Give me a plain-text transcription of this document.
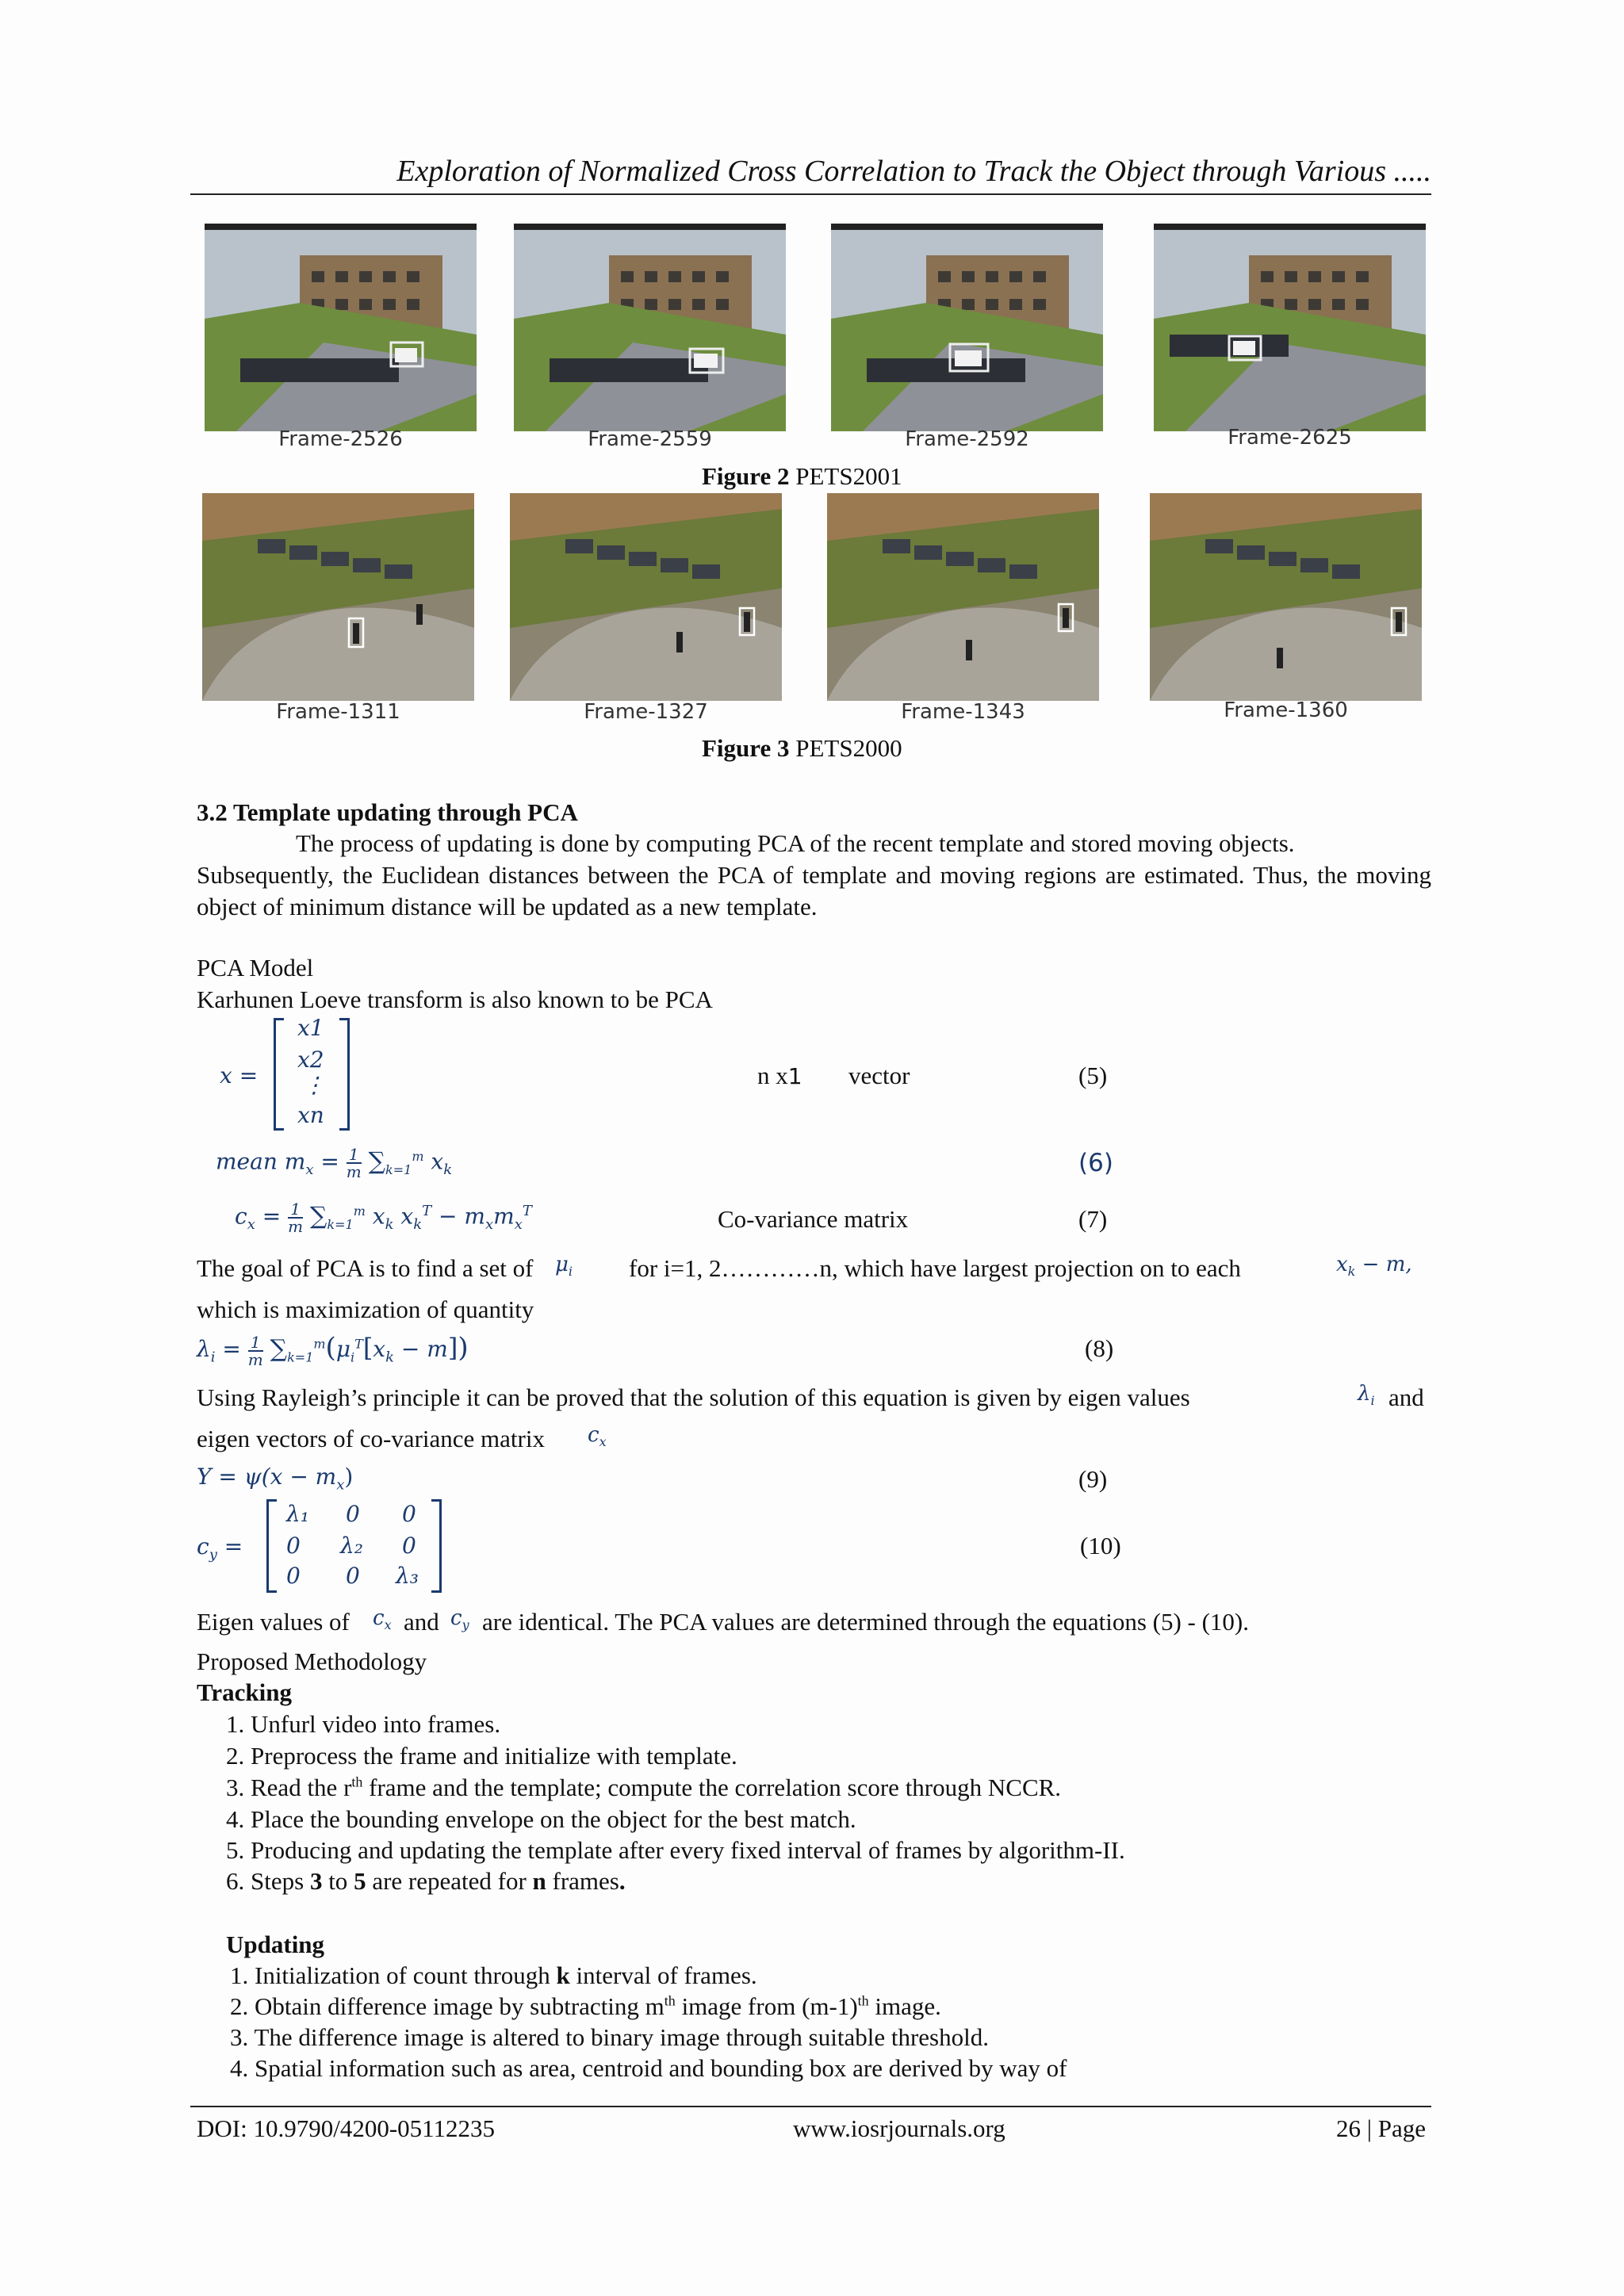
Exploration of Normalized Cross Correlation to Track the Object through Various .....
Frame-2526	Frame-2559	Frame-2592	Frame-2625
Figure 2 PETS2001
Frame-1311	Frame-1327	Frame-1343	Frame-1360
Figure 3 PETS2000
3.2 Template updating through PCA
The process of updating is done by computing PCA of the recent template and stored moving objects.
Subsequently, the Euclidean distances between the PCA of template and moving regions are estimated. Thus, the moving object of minimum distance will be updated as a new template.
PCA Model
Karhunen Loeve transform is also known to be PCA
x =
x1
x2
⋮
xn
n x1 vector	(5)
mean $m_x = \frac{1}{m} \sum_{k=1}^m$ $x_k$	(6)
$c_x = \frac{1}{m} \sum_{k=1}^m$ $x_k$ $x_k^T - m_xm_x^T$	Co-variance matrix	(7)
The goal of PCA is to find a set of $\mu_i$ for i=1, 2…………n, which have largest projection on to each	$x_k - m$,
which is maximization of quantity
$\lambda_i = \frac{1}{m} \sum_{k=1}^m(\mu_i^T[x_k - m])$	(8)
Using Rayleigh’s principle it can be proved that the solution of this equation is given by eigen values	$\lambda_i$ and
eigen vectors of co-variance matrix $c_x$
$Y = \psi(x - m_x)$	(9)
$c_y$ =
λ₁ 0 0
0 λ₂ 0
0 0 λ₃
(10)
Eigen values of $c_x$ and $c_y$ are identical. The PCA values are determined through the equations (5) - (10).
Proposed Methodology
Tracking
1. Unfurl video into frames.
2. Preprocess the frame and initialize with template.
3. Read the $r^{th}$ frame and the template; compute the correlation score through NCCR.
4. Place the bounding envelope on the object for the best match.
5. Producing and updating the template after every fixed interval of frames by algorithm-II.
6. Steps 3 to 5 are repeated for n frames.
Updating
1. Initialization of count through k interval of frames.
2. Obtain difference image by subtracting $m^{th}$ image from $(m-1)^{th}$ image.
3. The difference image is altered to binary image through suitable threshold.
4. Spatial information such as area, centroid and bounding box are derived by way of
DOI: 10.9790/4200-05112235	www.iosrjournals.org	26 | Page
